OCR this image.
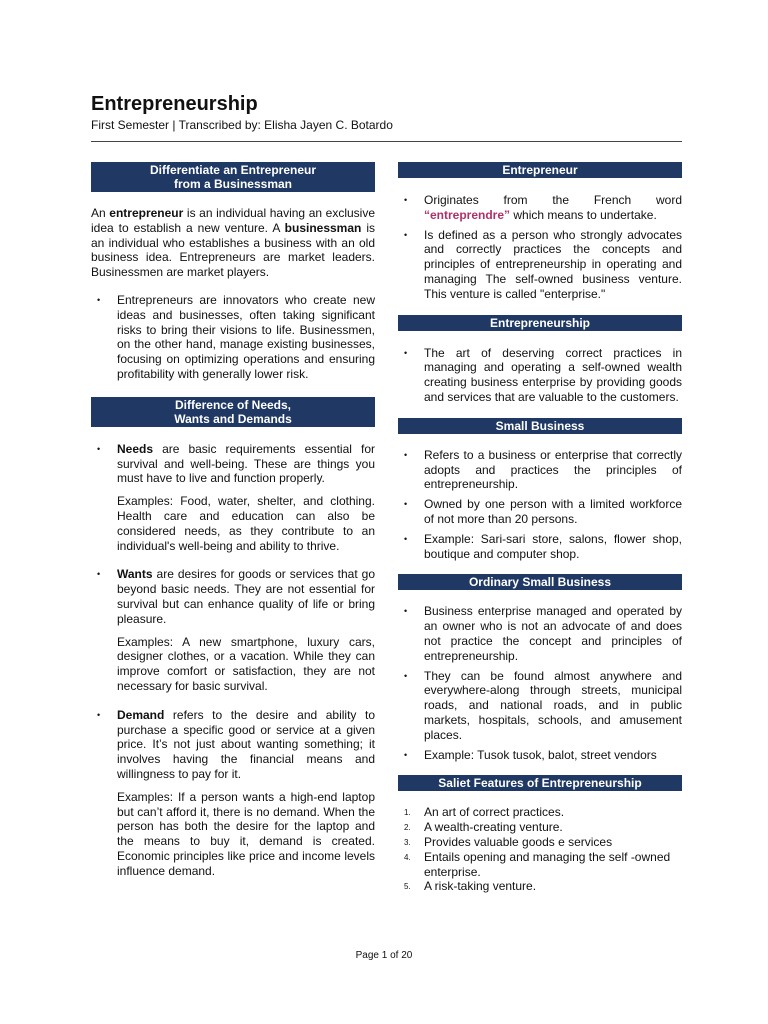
Entrepreneurship
First Semester | Transcribed by: Elisha Jayen C. Botardo
Differentiate an Entrepreneur
from a Businessman

An entrepreneur is an individual having an exclusive idea to establish a new venture. A businessman is an individual who establishes a business with an old business idea. Entrepreneurs are market leaders. Businessmen are market players.

• Entrepreneurs are innovators who create new ideas and businesses, often taking significant risks to bring their visions to life. Businessmen, on the other hand, manage existing businesses, focusing on optimizing operations and ensuring profitability with generally lower risk.
Difference of Needs,
Wants and Demands
• Needs are basic requirements essential for survival and well-being. These are things you must have to live and function properly.

Examples: Food, water, shelter, and clothing. Health care and education can also be considered needs, as they contribute to an individual's well-being and ability to thrive.

• Wants are desires for goods or services that go beyond basic needs. They are not essential for survival but can enhance quality of life or bring pleasure.

Examples: A new smartphone, luxury cars, designer clothes, or a vacation. While they can improve comfort or satisfaction, they are not necessary for basic survival.

• Demand refers to the desire and ability to purchase a specific good or service at a given price. It’s not just about wanting something; it involves having the financial means and willingness to pay for it.

Examples: If a person wants a high-end laptop but can’t afford it, there is no demand. When the person has both the desire for the laptop and the means to buy it, demand is created. Economic principles like price and income levels influence demand.

Entrepreneur
• Originates from the French word “entreprendre” which means to undertake.
• Is defined as a person who strongly advocates and correctly practices the concepts and principles of entrepreneurship in operating and managing The self-owned business venture. This venture is called "enterprise."
Entrepreneurship
• The art of deserving correct practices in managing and operating a self-owned wealth creating business enterprise by providing goods and services that are valuable to the customers.
Small Business
• Refers to a business or enterprise that correctly adopts and practices the principles of entrepreneurship.
• Owned by one person with a limited workforce of not more than 20 persons.
• Example: Sari-sari store, salons, flower shop, boutique and computer shop.
Ordinary Small Business
• Business enterprise managed and operated by an owner who is not an advocate of and does not practice the concept and principles of entrepreneurship.
• They can be found almost anywhere and everywhere-along through streets, municipal roads, and national roads, and in public markets, hospitals, schools, and amusement places.
• Example: Tusok tusok, balot, street vendors
Saliet Features of Entrepreneurship
1. An art of correct practices.
2. A wealth-creating venture.
3. Provides valuable goods e services
4. Entails opening and managing the self -owned enterprise.
5. A risk-taking venture.
Page 1 of 20
